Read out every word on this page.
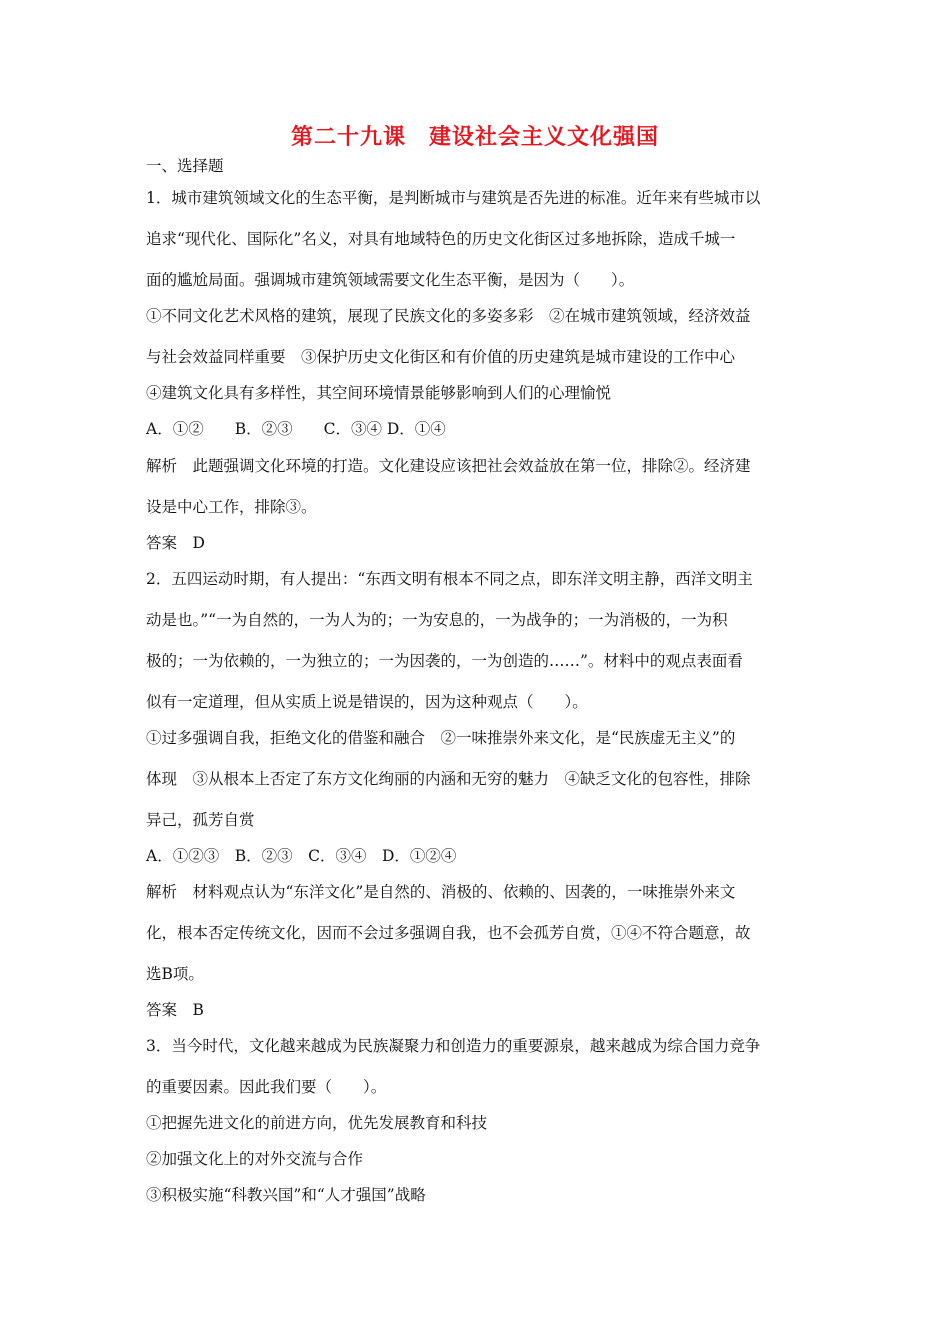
第二十九课　建设社会主义文化强国
一、选择题
1．城市建筑领域文化的生态平衡，是判断城市与建筑是否先进的标准。近年来有些城市以
追求“现代化、国际化”名义，对具有地域特色的历史文化街区过多地拆除，造成千城一
面的尴尬局面。强调城市建筑领域需要文化生态平衡，是因为（　　）。
①不同文化艺术风格的建筑，展现了民族文化的多姿多彩　②在城市建筑领域，经济效益
与社会效益同样重要　③保护历史文化街区和有价值的历史建筑是城市建设的工作中心
④建筑文化具有多样性，其空间环境情景能够影响到人们的心理愉悦
A．①②　　B．②③　　C．③④ D．①④
解析　此题强调文化环境的打造。文化建设应该把社会效益放在第一位，排除②。经济建
设是中心工作，排除③。
答案　D
2．五四运动时期，有人提出：“东西文明有根本不同之点，即东洋文明主静，西洋文明主
动是也。”“一为自然的，一为人为的；一为安息的，一为战争的；一为消极的，一为积
极的；一为依赖的，一为独立的；一为因袭的，一为创造的……”。材料中的观点表面看
似有一定道理，但从实质上说是错误的，因为这种观点（　　）。
①过多强调自我，拒绝文化的借鉴和融合　②一味推崇外来文化，是“民族虚无主义”的
体现　③从根本上否定了东方文化绚丽的内涵和无穷的魅力　④缺乏文化的包容性，排除
异己，孤芳自赏
A．①②③　B．②③　C．③④　D．①②④
解析　材料观点认为“东洋文化”是自然的、消极的、依赖的、因袭的，一味推崇外来文
化，根本否定传统文化，因而不会过多强调自我，也不会孤芳自赏，①④不符合题意，故
选B项。
答案　B
3．当今时代，文化越来越成为民族凝聚力和创造力的重要源泉，越来越成为综合国力竞争
的重要因素。因此我们要（　　）。
①把握先进文化的前进方向，优先发展教育和科技
②加强文化上的对外交流与合作
③积极实施“科教兴国”和“人才强国”战略
